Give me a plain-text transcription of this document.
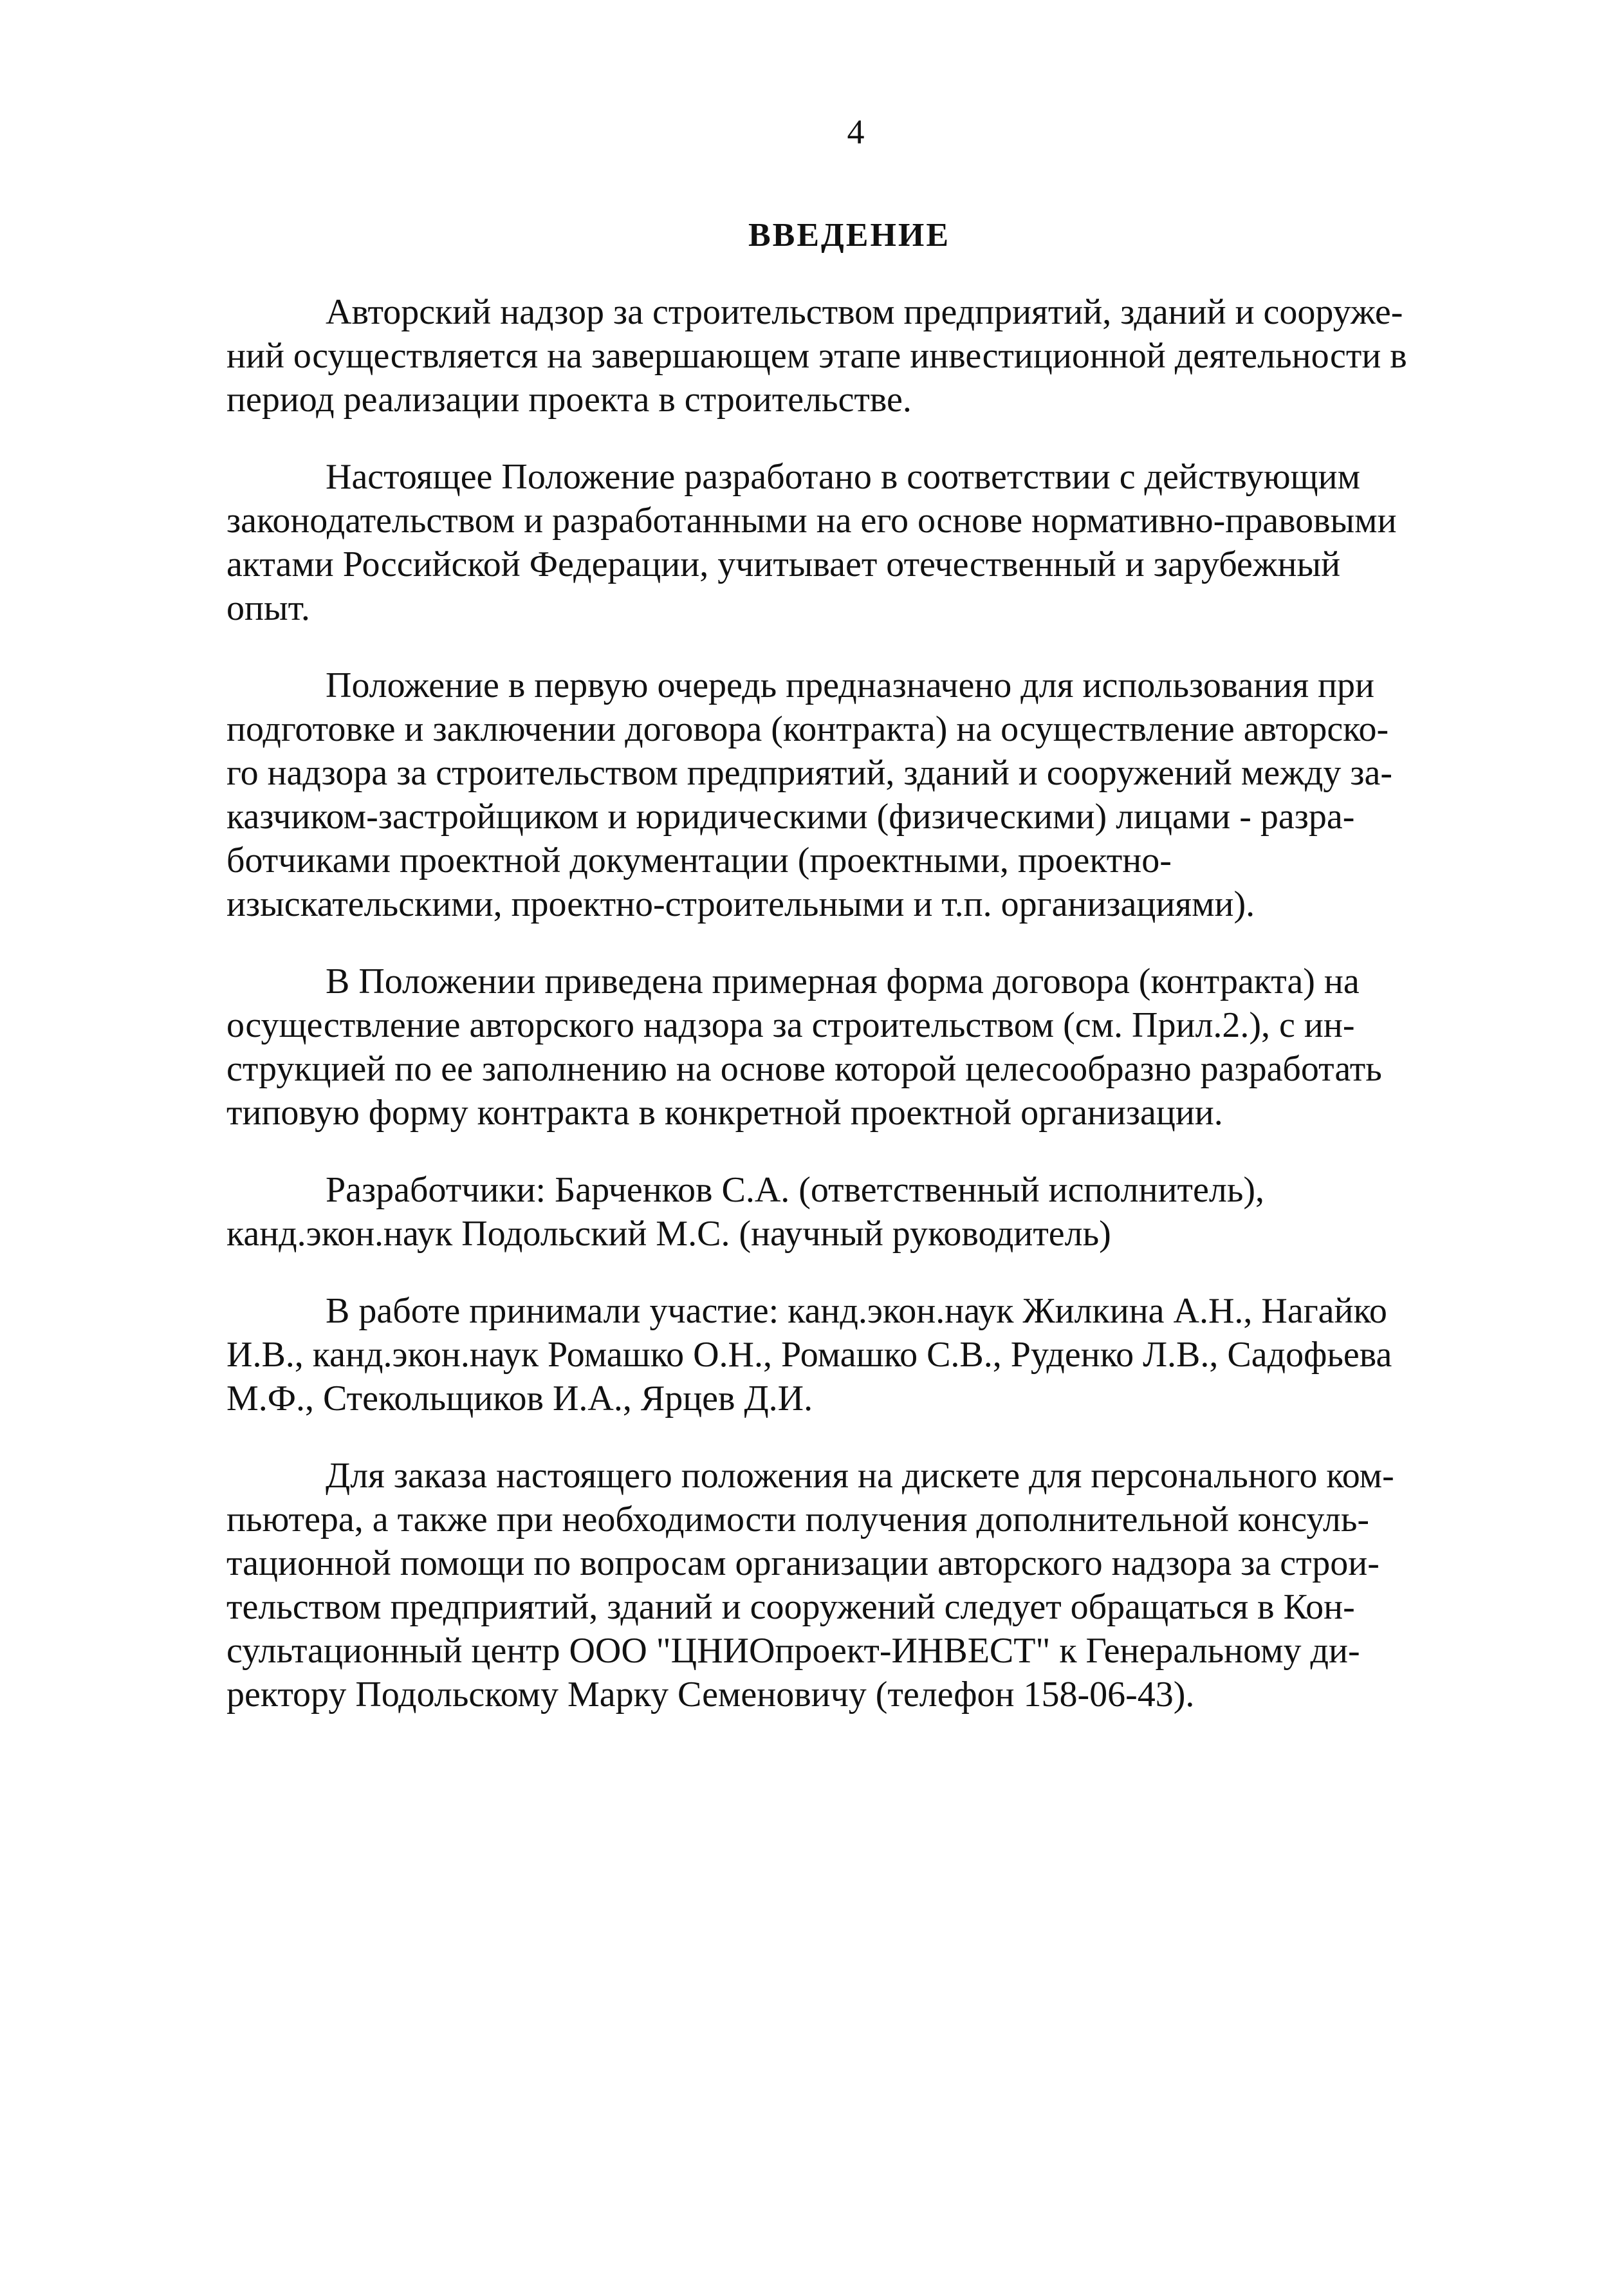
4
ВВЕДЕНИЕ
Авторский надзор за строительством предприятий, зданий и сооруже-
ний осуществляется на завершающем этапе инвестиционной деятельности в
период реализации проекта в строительстве.
Настоящее Положение разработано в соответствии с действующим
законодательством и разработанными на его основе нормативно-правовыми
актами Российской Федерации, учитывает отечественный и зарубежный
опыт.
Положение в первую очередь предназначено для использования при
подготовке и заключении договора (контракта) на осуществление авторско-
го надзора за строительством предприятий, зданий и сооружений между за-
казчиком-застройщиком и юридическими (физическими) лицами - разра-
ботчиками проектной документации (проектными, проектно-
изыскательскими, проектно-строительными и т.п. организациями).
В Положении приведена примерная форма договора (контракта) на
осуществление авторского надзора за строительством (см. Прил.2.), с ин-
струкцией по ее заполнению на основе которой целесообразно разработать
типовую форму контракта в конкретной проектной организации.
Разработчики: Барченков С.А. (ответственный исполнитель),
канд.экон.наук Подольский М.С. (научный руководитель)
В работе принимали участие: канд.экон.наук Жилкина А.Н., Нагайко
И.В., канд.экон.наук Ромашко О.Н., Ромашко С.В., Руденко Л.В., Садофьева
М.Ф., Стекольщиков И.А., Ярцев Д.И.
Для заказа настоящего положения на дискете для персонального ком-
пьютера, а также при необходимости получения дополнительной консуль-
тационной помощи по вопросам организации авторского надзора за строи-
тельством предприятий, зданий и сооружений следует обращаться в Кон-
сультационный центр ООО "ЦНИОпроект-ИНВЕСТ" к Генеральному ди-
ректору Подольскому Марку Семеновичу (телефон 158-06-43).
